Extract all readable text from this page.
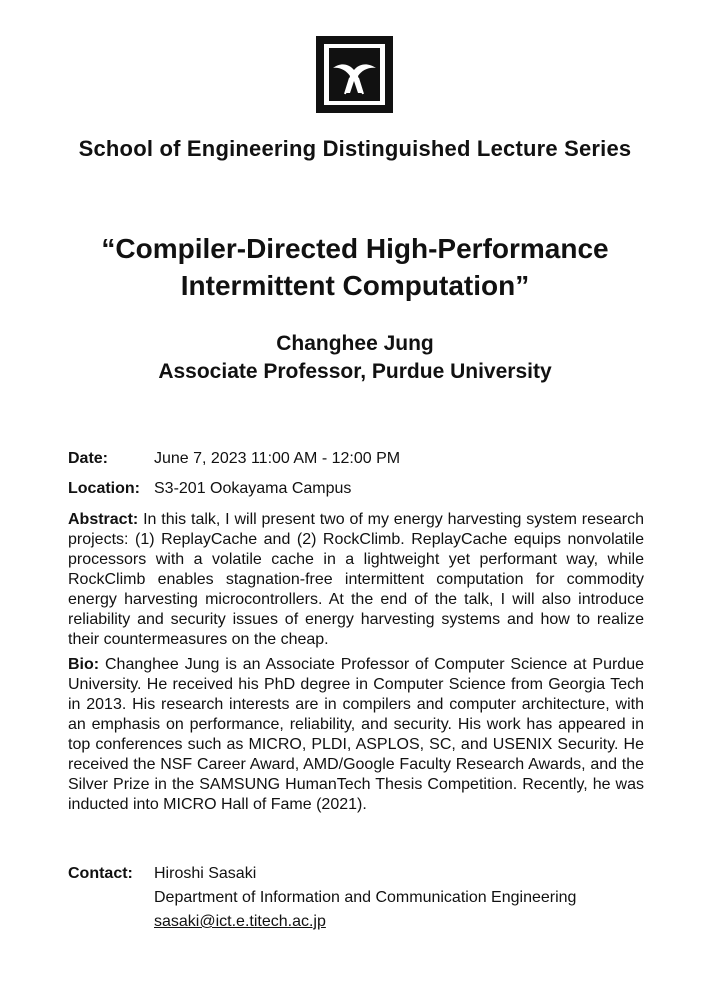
School of Engineering Distinguished Lecture Series
“Compiler-Directed High-Performance
Intermittent Computation”
Changhee Jung
Associate Professor, Purdue University
Date:	June 7, 2023 11:00 AM - 12:00 PM
Location: S3-201 Ookayama Campus
Abstract: In this talk, I will present two of my energy harvesting system research projects: (1) ReplayCache and (2) RockClimb. ReplayCache equips nonvolatile processors with a volatile cache in a lightweight yet performant way, while RockClimb enables stagnation-free intermittent computation for commodity energy harvesting microcontrollers. At the end of the talk, I will also introduce reliability and security issues of energy harvesting systems and how to realize their countermeasures on the cheap.
Bio: Changhee Jung is an Associate Professor of Computer Science at Purdue University. He received his PhD degree in Computer Science from Georgia Tech in 2013. His research interests are in compilers and computer architecture, with an emphasis on performance, reliability, and security. His work has appeared in top conferences such as MICRO, PLDI, ASPLOS, SC, and USENIX Security. He received the NSF Career Award, AMD/Google Faculty Research Awards, and the Silver Prize in the SAMSUNG HumanTech Thesis Competition. Recently, he was inducted into MICRO Hall of Fame (2021).
Contact:	Hiroshi Sasaki
Department of Information and Communication Engineering
sasaki@ict.e.titech.ac.jp
